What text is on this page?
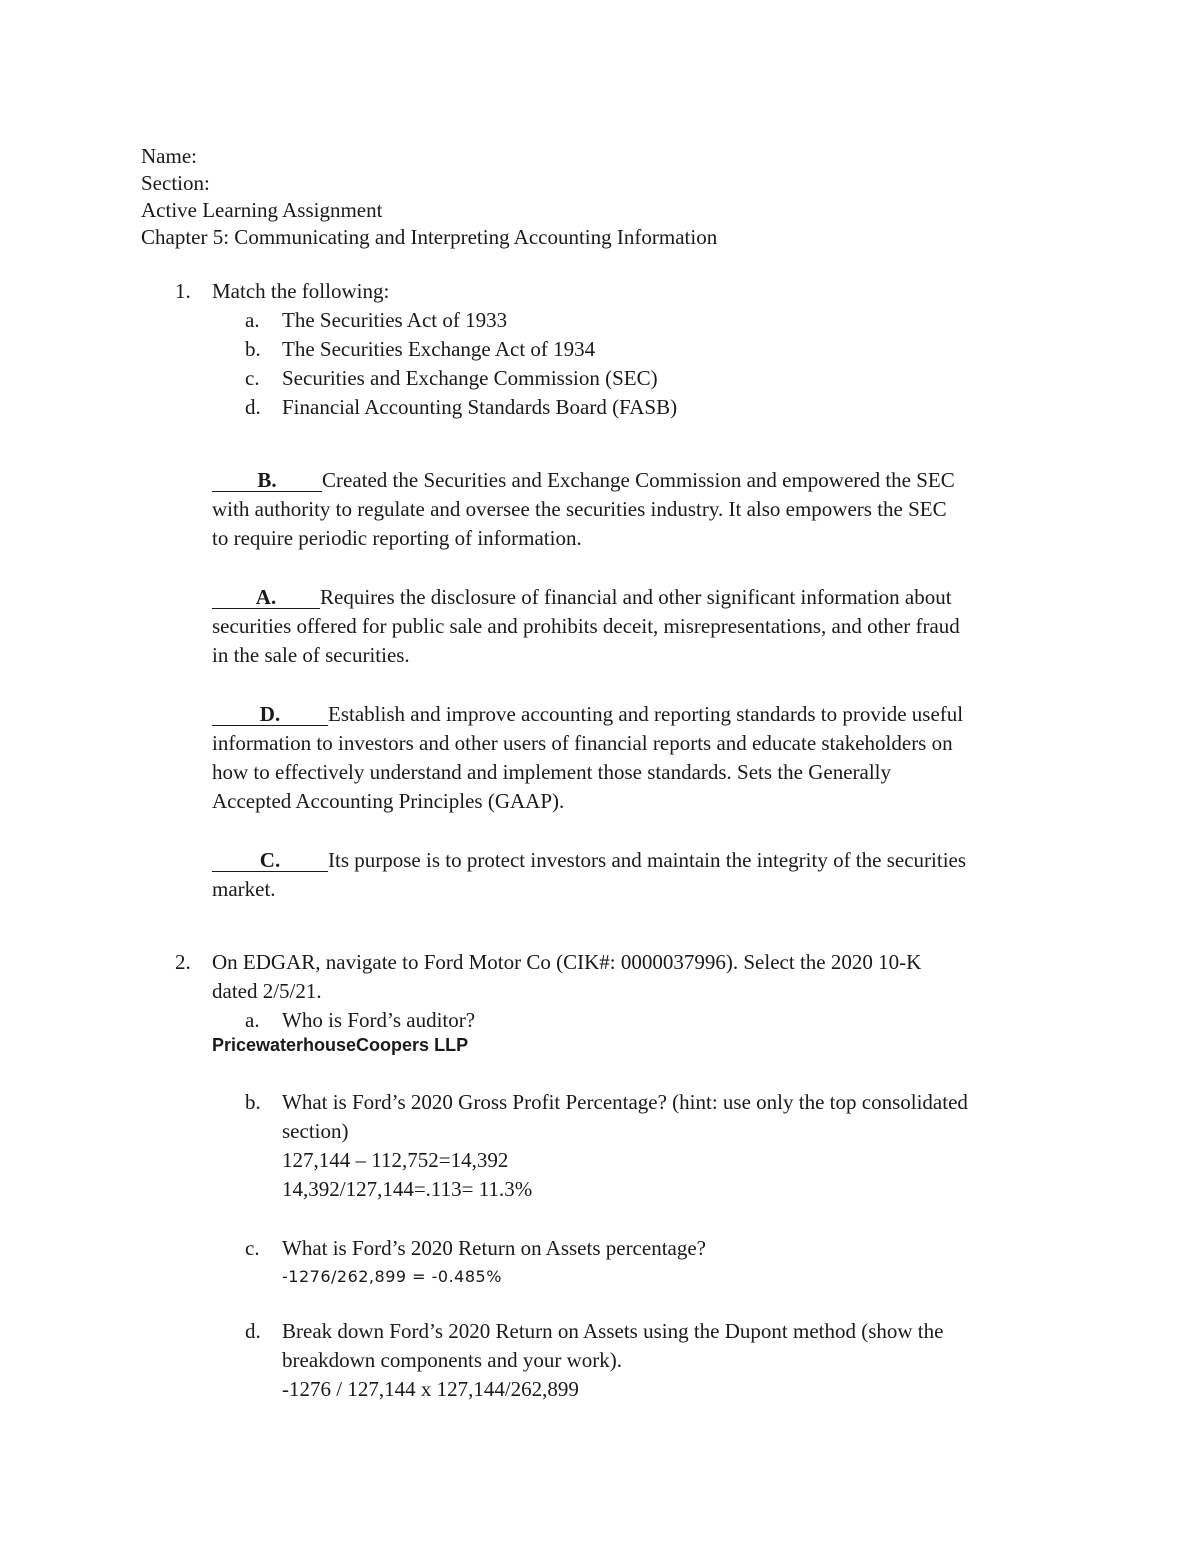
Name:
Section:
Active Learning Assignment
Chapter 5: Communicating and Interpreting Accounting Information
1. Match the following:
a. The Securities Act of 1933
b. The Securities Exchange Act of 1934
c. Securities and Exchange Commission (SEC)
d. Financial Accounting Standards Board (FASB)
B. Created the Securities and Exchange Commission and empowered the SEC
with authority to regulate and oversee the securities industry. It also empowers the SEC
to require periodic reporting of information.
A. Requires the disclosure of financial and other significant information about
securities offered for public sale and prohibits deceit, misrepresentations, and other fraud
in the sale of securities.
D. Establish and improve accounting and reporting standards to provide useful
information to investors and other users of financial reports and educate stakeholders on
how to effectively understand and implement those standards. Sets the Generally
Accepted Accounting Principles (GAAP).
C. Its purpose is to protect investors and maintain the integrity of the securities
market.
2. On EDGAR, navigate to Ford Motor Co (CIK#: 0000037996). Select the 2020 10-K
dated 2/5/21.
a. Who is Ford’s auditor?
PricewaterhouseCoopers LLP
b. What is Ford’s 2020 Gross Profit Percentage? (hint: use only the top consolidated
section)
127,144 – 112,752=14,392
14,392/127,144=.113= 11.3%
c. What is Ford’s 2020 Return on Assets percentage?
-1276/262,899 = -0.485%
d. Break down Ford’s 2020 Return on Assets using the Dupont method (show the
breakdown components and your work).
-1276 / 127,144 x 127,144/262,899
